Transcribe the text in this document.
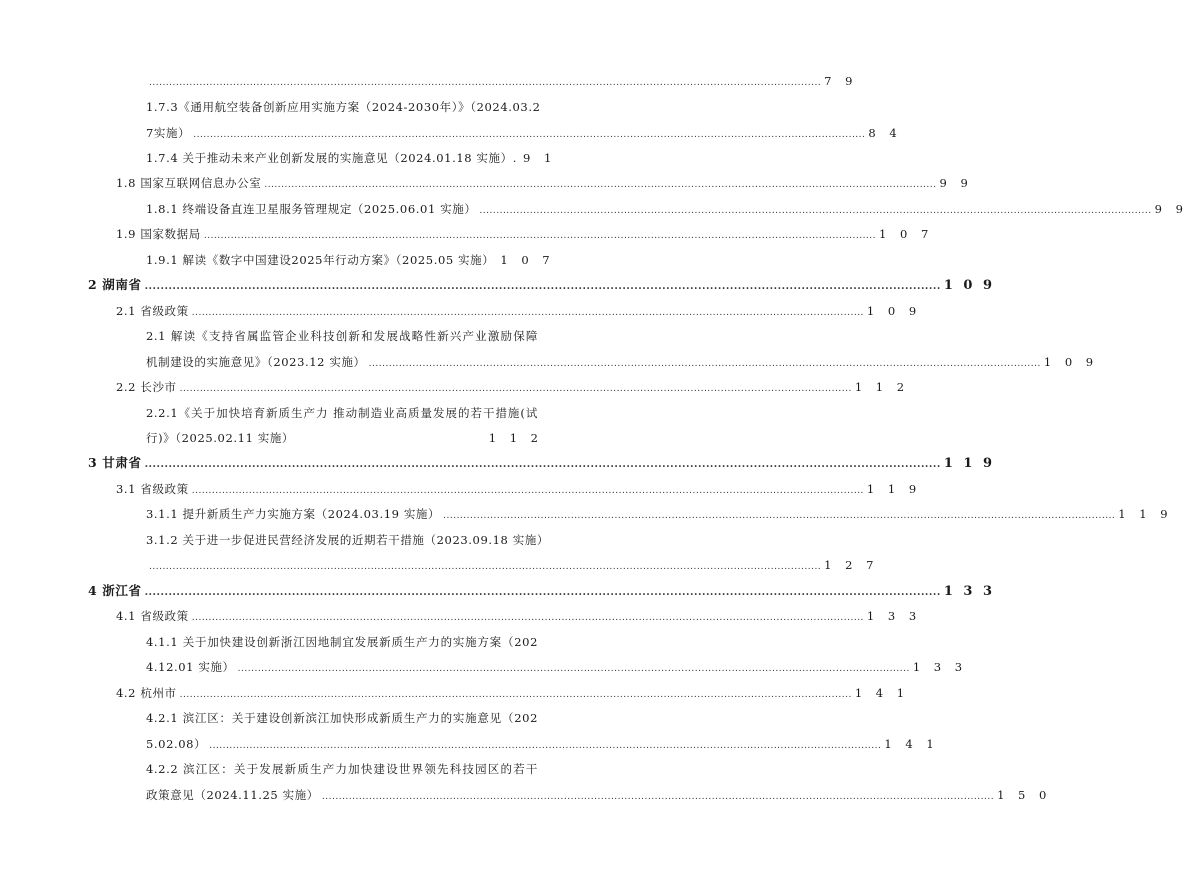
........................................................................................................................................................................................................ 7 9
1.7.3《通用航空装备创新应用实施方案（2024-2030年）》（2024.03.2
7实施） ........................................................................................................................................................................................................ 8 4
1.7.4 关于推动未来产业创新发展的实施意见（2024.01.18 实施）. 9 1
1.8 国家互联网信息办公室 ........................................................................................................................................................................................................ 9 9
1.8.1 终端设备直连卫星服务管理规定（2025.06.01 实施） ........................................................................................................................................................................................................ 9 9
1.9 国家数据局 ........................................................................................................................................................................................................ 1 0 7
1.9.1 解读《数字中国建设2025年行动方案》（2025.05 实施） 1 0 7
2 湖南省 ........................................................................................................................................................................................................ 1 0 9
2.1 省级政策 ........................................................................................................................................................................................................ 1 0 9
2.1 解读《支持省属监管企业科技创新和发展战略性新兴产业激励保障
机制建设的实施意见》（2023.12 实施） ........................................................................................................................................................................................................ 1 0 9
2.2 长沙市 ........................................................................................................................................................................................................ 1 1 2
2.2.1《关于加快培育新质生产力 推动制造业高质量发展的若干措施(试
行)》（2025.02.11 实施）	1 1 2
3 甘肃省 ........................................................................................................................................................................................................ 1 1 9
3.1 省级政策 ........................................................................................................................................................................................................ 1 1 9
3.1.1 提升新质生产力实施方案（2024.03.19 实施） ........................................................................................................................................................................................................ 1 1 9
3.1.2 关于进一步促进民营经济发展的近期若干措施（2023.09.18 实施）
........................................................................................................................................................................................................ 1 2 7
4 浙江省 ........................................................................................................................................................................................................ 1 3 3
4.1 省级政策 ........................................................................................................................................................................................................ 1 3 3
4.1.1 关于加快建设创新浙江因地制宜发展新质生产力的实施方案（202
4.12.01 实施） ........................................................................................................................................................................................................ 1 3 3
4.2 杭州市 ........................................................................................................................................................................................................ 1 4 1
4.2.1 滨江区：关于建设创新滨江加快形成新质生产力的实施意见（202
5.02.08） ........................................................................................................................................................................................................ 1 4 1
4.2.2 滨江区：关于发展新质生产力加快建设世界领先科技园区的若干
政策意见（2024.11.25 实施） ........................................................................................................................................................................................................ 1 5 0
